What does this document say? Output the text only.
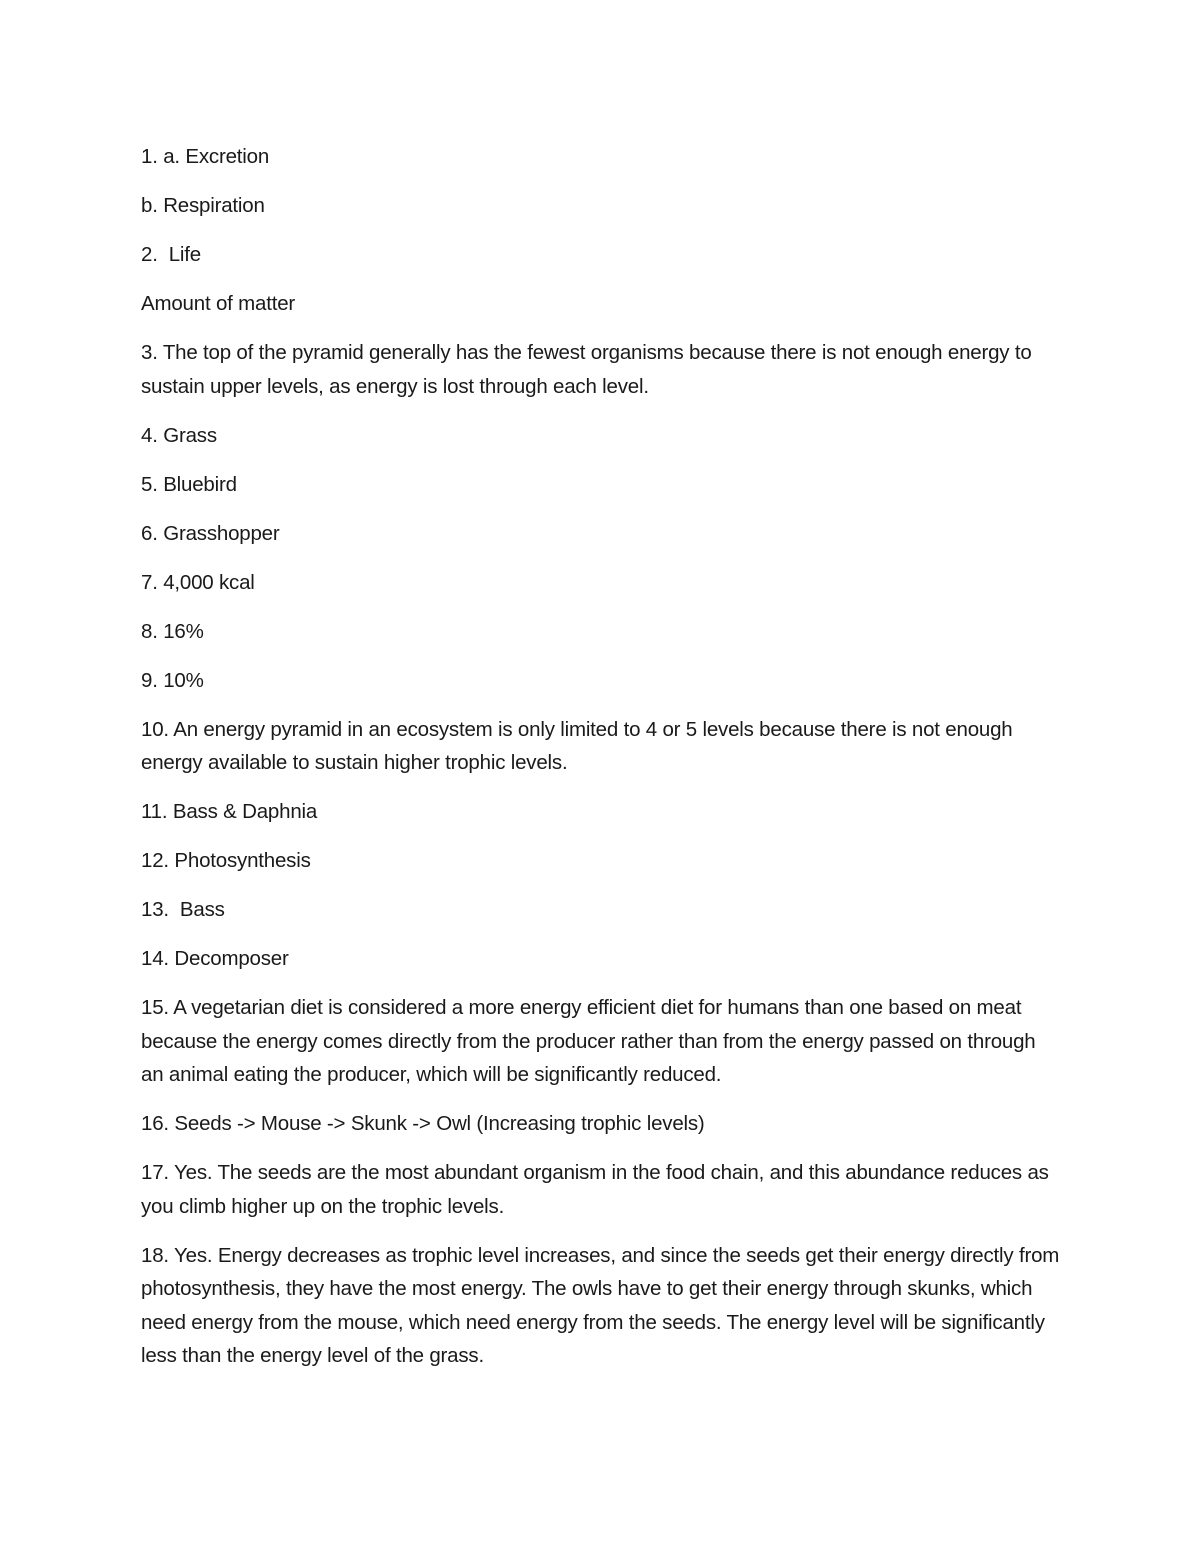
1. a. Excretion

b. Respiration

2.  Life

Amount of matter

3. The top of the pyramid generally has the fewest organisms because there is not enough energy to sustain upper levels, as energy is lost through each level.

4. Grass

5. Bluebird

6. Grasshopper

7. 4,000 kcal

8. 16%

9. 10%

10. An energy pyramid in an ecosystem is only limited to 4 or 5 levels because there is not enough energy available to sustain higher trophic levels.

11. Bass & Daphnia

12. Photosynthesis

13.  Bass

14. Decomposer

15. A vegetarian diet is considered a more energy efficient diet for humans than one based on meat because the energy comes directly from the producer rather than from the energy passed on through an animal eating the producer, which will be significantly reduced.

16. Seeds -> Mouse -> Skunk -> Owl (Increasing trophic levels)

17. Yes. The seeds are the most abundant organism in the food chain, and this abundance reduces as you climb higher up on the trophic levels.

18. Yes. Energy decreases as trophic level increases, and since the seeds get their energy directly from photosynthesis, they have the most energy. The owls have to get their energy through skunks, which need energy from the mouse, which need energy from the seeds. The energy level will be significantly less than the energy level of the grass.
